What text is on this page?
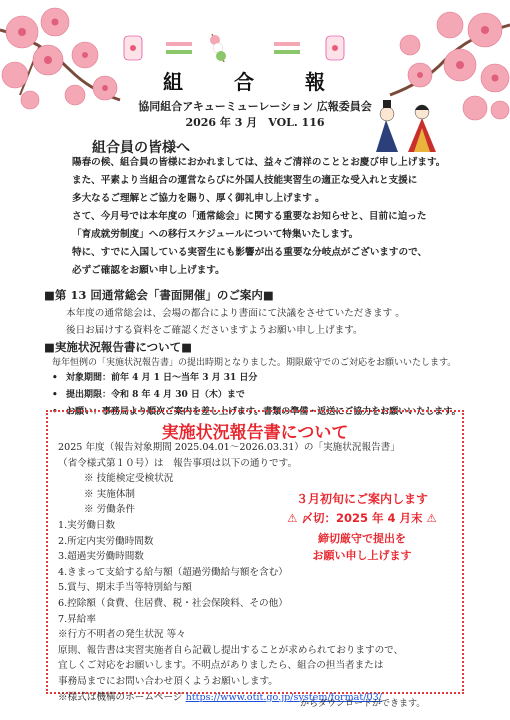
組 合 報
協同組合アキューミューレーション 広報委員会
2026 年 3 月　VOL. 116
組合員の皆様へ

陽春の候、組合員の皆様におかれましては、益々ご清祥のこととお慶び申し上げます。

また、平素より当組合の運営ならびに外国人技能実習生の適正な受入れと支援に

多大なるご理解とご協力を賜り、厚く御礼申し上げます 。

さて、今月号では本年度の「通常総会」に関する重要なお知らせと、目前に迫った

「育成就労制度」への移行スケジュールについて特集いたします。

特に、すでに入国している実習生にも影響が出る重要な分岐点がございますので、

必ずご確認をお願い申し上げます。

■第 13 回通常総会「書面開催」のご案内■

本年度の通常総会は、会場の都合により書面にて決議をさせていただきます 。

後日お届けする資料をご確認くださいますようお願い申し上げます。

■実施状況報告書について■
毎年恒例の「実施状況報告書」の提出時期となりました。期限厳守でのご対応をお願いいたします。
• 対象期間：前年 4 月 1 日～当年 3 月 31 日分
• 提出期限：令和 8 年 4 月 30 日（木）まで
• お願い：事務局より順次ご案内を差し上げます。書類の準備・返送にご協力をお願いいたします。
実施状況報告書について

2025 年度（報告対象期間 2025.04.01～2026.03.31）の「実施状況報告書」

（省令様式第１０号）は　報告事項は以下の通りです。

※ 技能検定受検状況

※ 実施体制

※ 労働条件

1.実労働日数

2.所定内実労働時間数

3.超過実労働時間数

4.きまって支給する給与額（超過労働給与額を含む）

5.賞与、期末手当等特別給与額

6.控除額（食費、住居費、税・社会保険料、その他）

7.昇給率

※行方不明者の発生状況 等々

原則、報告書は実習実施者自ら記載し提出することが求められておりますので、

宜しくご対応をお願いします。不明点がありましたら、組合の担当者または

事務局までにお問い合わせ頂くようお願いします。

※様式は機構のホームページ https://www.otit.go.jp/system/format/03/

からダウンロードができます。
３月初旬にご案内します
⚠ 〆切：2025 年 4 月末 ⚠
締切厳守で提出を
お願い申し上げます
